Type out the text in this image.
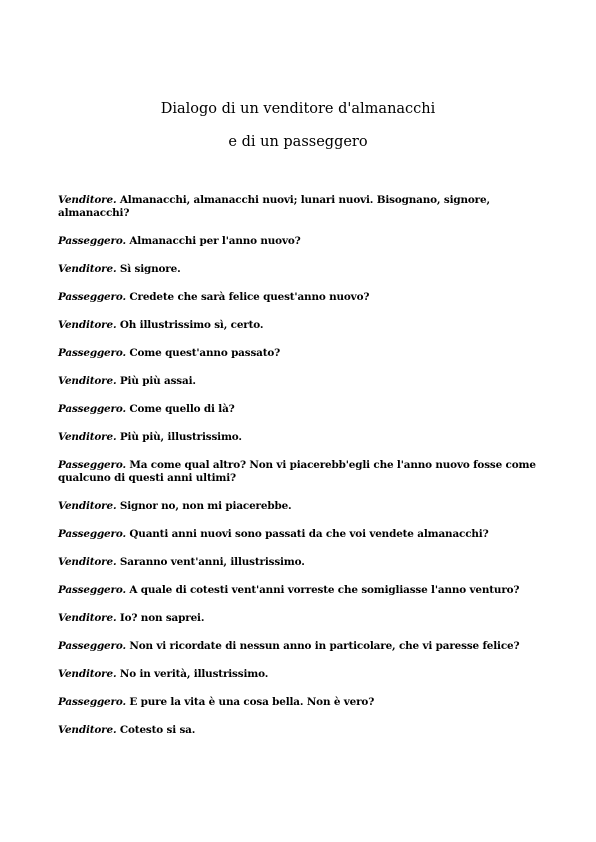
Dialogo di un venditore d'almanacchi
e di un passeggero

Venditore. Almanacchi, almanacchi nuovi; lunari nuovi. Bisognano, signore, almanacchi?

Passeggero. Almanacchi per l'anno nuovo?

Venditore. Sì signore.

Passeggero. Credete che sarà felice quest'anno nuovo?

Venditore. Oh illustrissimo sì, certo.

Passeggero. Come quest'anno passato?

Venditore. Più più assai.

Passeggero. Come quello di là?

Venditore. Più più, illustrissimo.

Passeggero. Ma come qual altro? Non vi piacerebb'egli che l'anno nuovo fosse come qualcuno di questi anni ultimi?

Venditore. Signor no, non mi piacerebbe.

Passeggero. Quanti anni nuovi sono passati da che voi vendete almanacchi?

Venditore. Saranno vent'anni, illustrissimo.

Passeggero. A quale di cotesti vent'anni vorreste che somigliasse l'anno venturo?

Venditore. Io? non saprei.

Passeggero. Non vi ricordate di nessun anno in particolare, che vi paresse felice?

Venditore. No in verità, illustrissimo.

Passeggero. E pure la vita è una cosa bella. Non è vero?

Venditore. Cotesto si sa.
